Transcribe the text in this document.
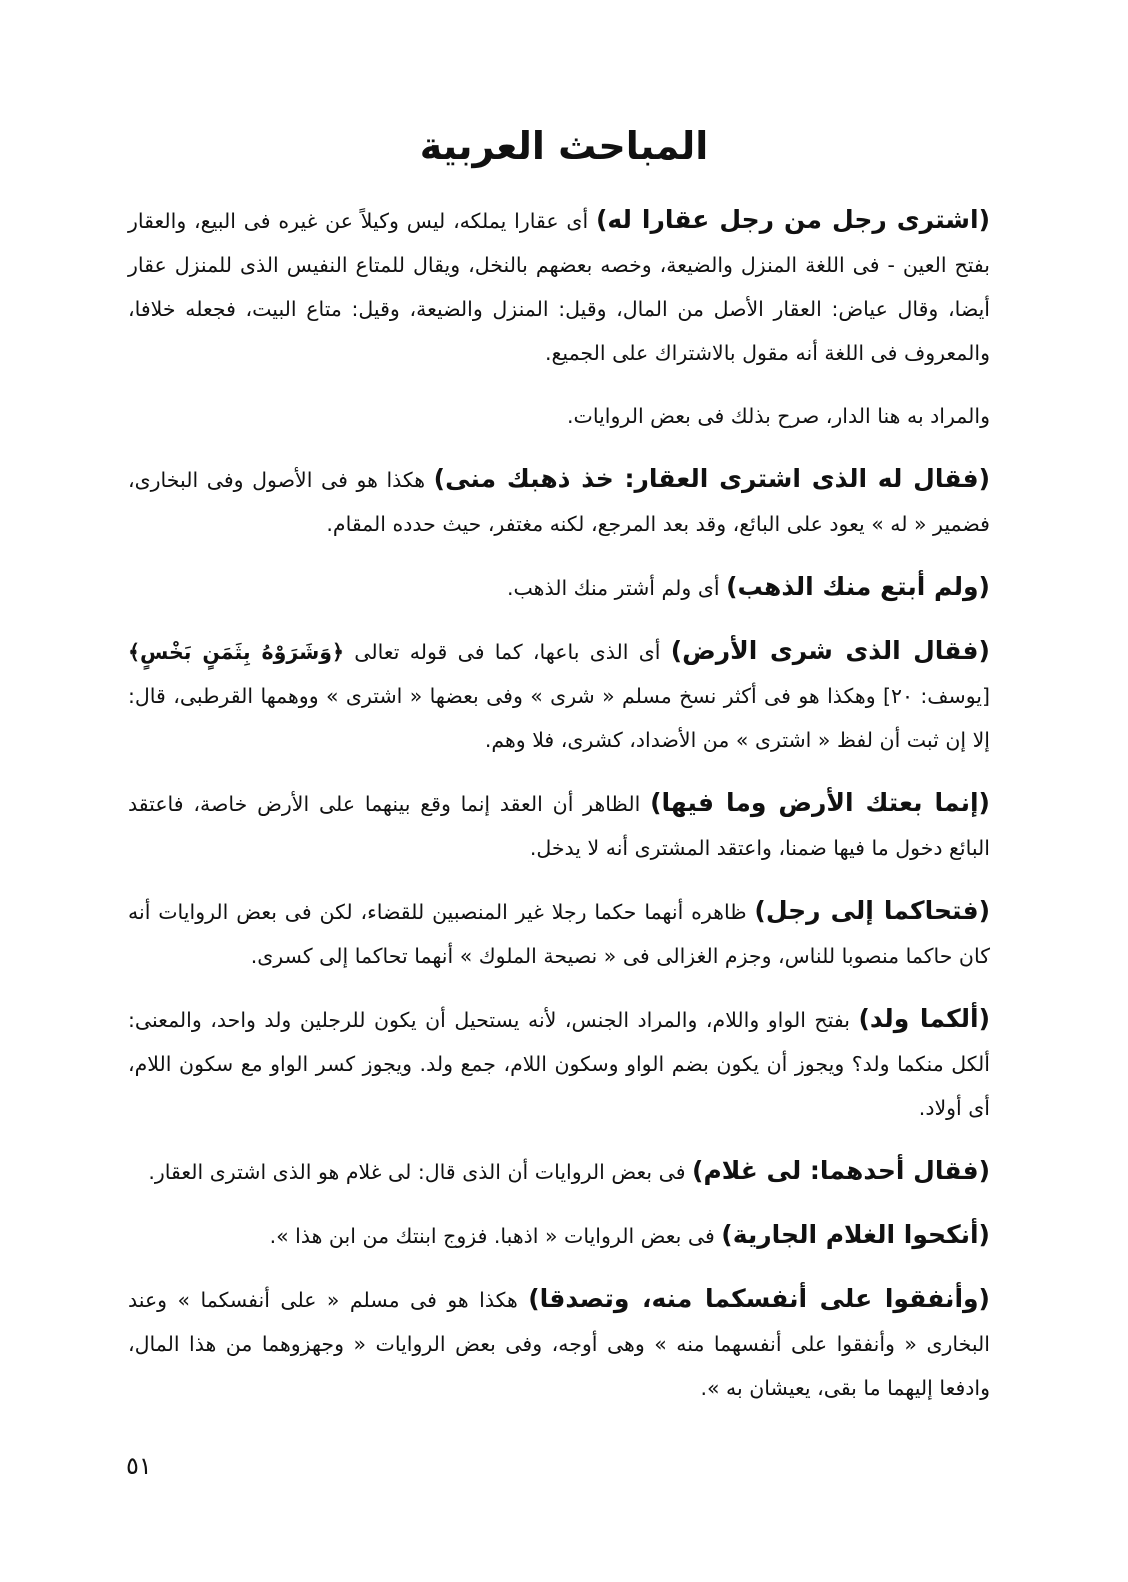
المباحث العربية

(اشترى رجل من رجل عقارا له) أى عقارا يملكه، ليس وكيلاً عن غيره فى البيع، والعقار بفتح العين - فى اللغة المنزل والضيعة، وخصه بعضهم بالنخل، ويقال للمتاع النفيس الذى للمنزل عقار أيضا، وقال عياض: العقار الأصل من المال، وقيل: المنزل والضيعة، وقيل: متاع البيت، فجعله خلافا، والمعروف فى اللغة أنه مقول بالاشتراك على الجميع.

والمراد به هنا الدار، صرح بذلك فى بعض الروايات.

(فقال له الذى اشترى العقار: خذ ذهبك منى) هكذا هو فى الأصول وفى البخارى، فضمير « له » يعود على البائع، وقد بعد المرجع، لكنه مغتفر، حيث حدده المقام.

(ولم أبتع منك الذهب) أى ولم أشتر منك الذهب.

(فقال الذى شرى الأرض) أى الذى باعها، كما فى قوله تعالى ﴿وَشَرَوْهُ بِثَمَنٍ بَخْسٍ﴾ [يوسف: ٢٠] وهكذا هو فى أكثر نسخ مسلم « شرى » وفى بعضها « اشترى » ووهمها القرطبى، قال: إلا إن ثبت أن لفظ « اشترى » من الأضداد، كشرى، فلا وهم.

(إنما بعتك الأرض وما فيها) الظاهر أن العقد إنما وقع بينهما على الأرض خاصة، فاعتقد البائع دخول ما فيها ضمنا، واعتقد المشترى أنه لا يدخل.

(فتحاكما إلى رجل) ظاهره أنهما حكما رجلا غير المنصبين للقضاء، لكن فى بعض الروايات أنه كان حاكما منصوبا للناس، وجزم الغزالى فى « نصيحة الملوك » أنهما تحاكما إلى كسرى.

(ألكما ولد) بفتح الواو واللام، والمراد الجنس، لأنه يستحيل أن يكون للرجلين ولد واحد، والمعنى: ألكل منكما ولد؟ ويجوز أن يكون بضم الواو وسكون اللام، جمع ولد. ويجوز كسر الواو مع سكون اللام، أى أولاد.

(فقال أحدهما: لى غلام) فى بعض الروايات أن الذى قال: لى غلام هو الذى اشترى العقار.

(أنكحوا الغلام الجارية) فى بعض الروايات « اذهبا. فزوج ابنتك من ابن هذا ».

(وأنفقوا على أنفسكما منه، وتصدقا) هكذا هو فى مسلم « على أنفسكما » وعند البخارى « وأنفقوا على أنفسهما منه » وهى أوجه، وفى بعض الروايات « وجهزوهما من هذا المال، وادفعا إليهما ما بقى، يعيشان به ».

٥١
